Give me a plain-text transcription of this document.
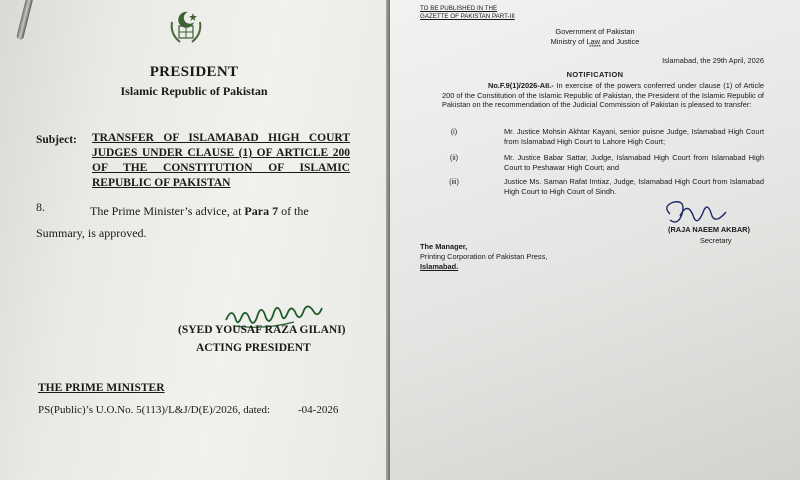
PRESIDENT
Islamic Republic of Pakistan
Subject: TRANSFER OF ISLAMABAD HIGH COURT JUDGES UNDER CLAUSE (1) OF ARTICLE 200 OF THE CONSTITUTION OF ISLAMIC REPUBLIC OF PAKISTAN
8.	The Prime Minister’s advice, at Para 7 of the Summary, is approved.
(SYED YOUSAF RAZA GILANI)
ACTING PRESIDENT
THE PRIME MINISTER
PS(Public)’s U.O.No. 5(113)/L&J/D(E)/2026, dated:	-04-2026
TO BE PUBLISHED IN THE
GAZETTE OF PAKISTAN PART-III
Government of Pakistan
Ministry of Law and Justice
*****
Islamabad, the 29th April, 2026
NOTIFICATION
No.F.9(1)/2026-AII.- In exercise of the powers conferred under clause (1) of Article 200 of the Constitution of the Islamic Republic of Pakistan, the President of the Islamic Republic of Pakistan on the recommendation of the Judicial Commission of Pakistan is pleased to transfer:
(i)	Mr. Justice Mohsin Akhtar Kayani, senior puisne Judge, Islamabad High Court from Islamabad High Court to Lahore High Court;
(ii)	Mr. Justice Babar Sattar, Judge, Islamabad High Court from Islamabad High Court to Peshawar High Court; and
(iii)	Justice Ms. Saman Rafat Imtiaz, Judge, Islamabad High Court from Islamabad High Court to High Court of Sindh.
(RAJA NAEEM AKBAR)
Secretary
The Manager,
Printing Corporation of Pakistan Press,
Islamabad.
